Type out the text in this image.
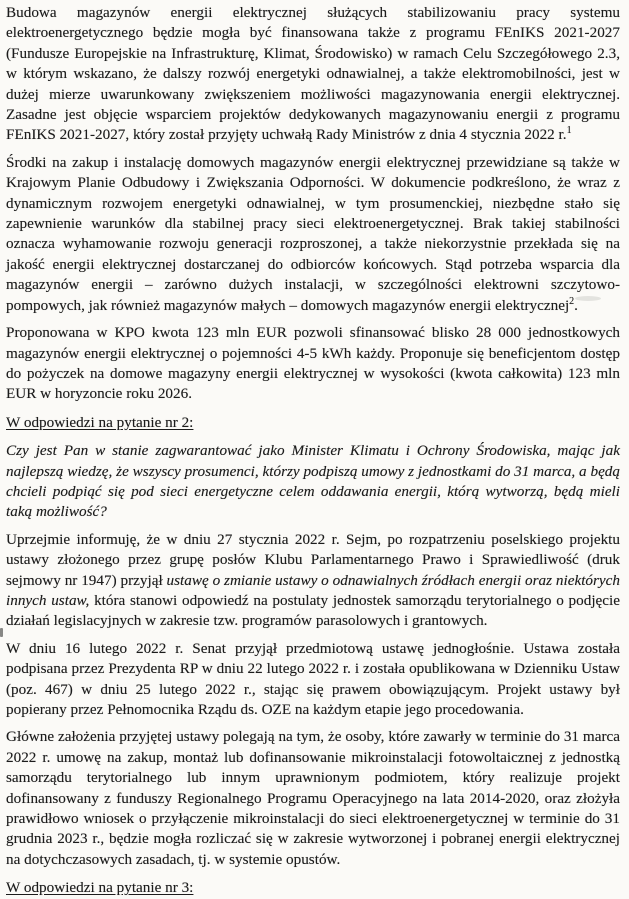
Budowa magazynów energii elektrycznej służących stabilizowaniu pracy systemu elektroenergetycznego będzie mogła być finansowana także z programu FEnIKS 2021-2027 (Fundusze Europejskie na Infrastrukturę, Klimat, Środowisko) w ramach Celu Szczegółowego 2.3, w którym wskazano, że dalszy rozwój energetyki odnawialnej, a także elektromobilności, jest w dużej mierze uwarunkowany zwiększeniem możliwości magazynowania energii elektrycznej. Zasadne jest objęcie wsparciem projektów dedykowanych magazynowaniu energii z programu FEnIKS 2021-2027, który został przyjęty uchwałą Rady Ministrów z dnia 4 stycznia 2022 r.$^1$

Środki na zakup i instalację domowych magazynów energii elektrycznej przewidziane są także w Krajowym Planie Odbudowy i Zwiększania Odporności. W dokumencie podkreślono, że wraz z dynamicznym rozwojem energetyki odnawialnej, w tym prosumenckiej, niezbędne stało się zapewnienie warunków dla stabilnej pracy sieci elektroenergetycznej. Brak takiej stabilności oznacza wyhamowanie rozwoju generacji rozproszonej, a także niekorzystnie przekłada się na jakość energii elektrycznej dostarczanej do odbiorców końcowych. Stąd potrzeba wsparcia dla magazynów energii – zarówno dużych instalacji, w szczególności elektrowni szczytowo-pompowych, jak również magazynów małych – domowych magazynów energii elektrycznej$^2$.

Proponowana w KPO kwota 123 mln EUR pozwoli sfinansować blisko 28 000 jednostkowych magazynów energii elektrycznej o pojemności 4-5 kWh każdy. Proponuje się beneficjentom dostęp do pożyczek na domowe magazyny energii elektrycznej w wysokości (kwota całkowita) 123 mln EUR w horyzoncie roku 2026.

W odpowiedzi na pytanie nr 2:

Czy jest Pan w stanie zagwarantować jako Minister Klimatu i Ochrony Środowiska, mając jak najlepszą wiedzę, że wszyscy prosumenci, którzy podpiszą umowy z jednostkami do 31 marca, a będą chcieli podpiąć się pod sieci energetyczne celem oddawania energii, którą wytworzą, będą mieli taką możliwość?

Uprzejmie informuję, że w dniu 27 stycznia 2022 r. Sejm, po rozpatrzeniu poselskiego projektu ustawy złożonego przez grupę posłów Klubu Parlamentarnego Prawo i Sprawiedliwość (druk sejmowy nr 1947) przyjął ustawę o zmianie ustawy o odnawialnych źródłach energii oraz niektórych innych ustaw, która stanowi odpowiedź na postulaty jednostek samorządu terytorialnego o podjęcie działań legislacyjnych w zakresie tzw. programów parasolowych i grantowych.

W dniu 16 lutego 2022 r. Senat przyjął przedmiotową ustawę jednogłośnie. Ustawa została podpisana przez Prezydenta RP w dniu 22 lutego 2022 r. i została opublikowana w Dzienniku Ustaw (poz. 467) w dniu 25 lutego 2022 r., stając się prawem obowiązującym. Projekt ustawy był popierany przez Pełnomocnika Rządu ds. OZE na każdym etapie jego procedowania.

Główne założenia przyjętej ustawy polegają na tym, że osoby, które zawarły w terminie do 31 marca 2022 r. umowę na zakup, montaż lub dofinansowanie mikroinstalacji fotowoltaicznej z jednostką samorządu terytorialnego lub innym uprawnionym podmiotem, który realizuje projekt dofinansowany z funduszy Regionalnego Programu Operacyjnego na lata 2014-2020, oraz złożyła prawidłowo wniosek o przyłączenie mikroinstalacji do sieci elektroenergetycznej w terminie do 31 grudnia 2023 r., będzie mogła rozliczać się w zakresie wytworzonej i pobranej energii elektrycznej na dotychczasowych zasadach, tj. w systemie opustów.

W odpowiedzi na pytanie nr 3:
